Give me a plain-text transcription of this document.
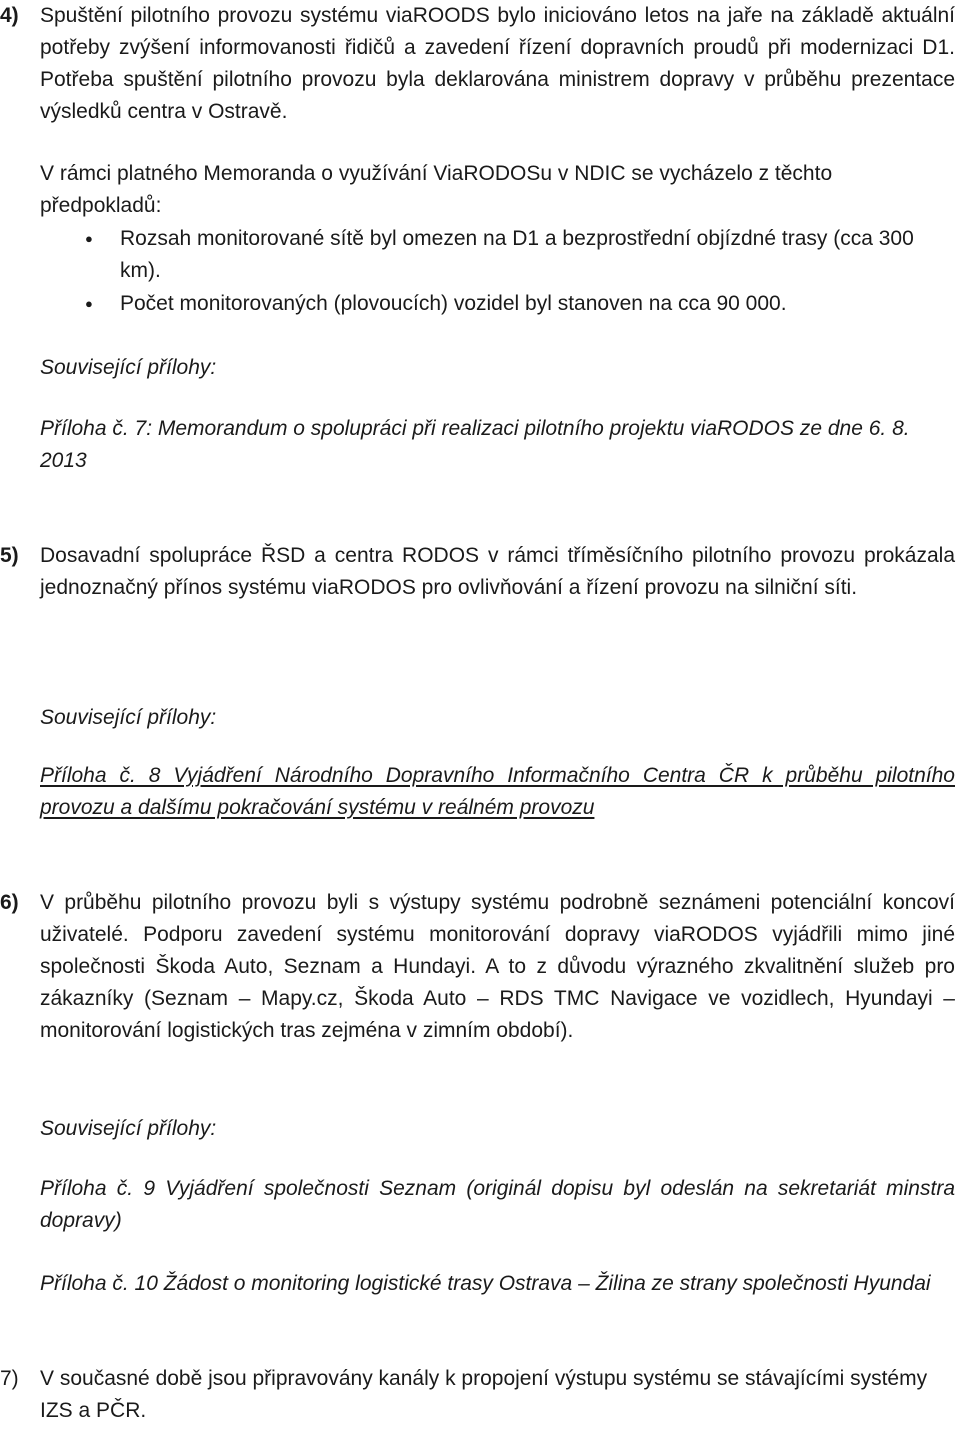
4) Spuštění pilotního provozu systému viaROODS bylo iniciováno letos na jaře na základě aktuální potřeby zvýšení informovanosti řidičů a zavedení řízení dopravních proudů při modernizaci D1. Potřeba spuštění pilotního provozu byla deklarována ministrem dopravy v průběhu prezentace výsledků centra v Ostravě.
V rámci platného Memoranda o využívání ViaRODOSu v NDIC se vycházelo z těchto předpokladů:
● Rozsah monitorované sítě byl omezen na D1 a bezprostřední objízdné trasy (cca 300 km).
● Počet monitorovaných (plovoucích) vozidel byl stanoven na cca 90 000.
Související přílohy:
Příloha č. 7: Memorandum o spolupráci při realizaci pilotního projektu viaRODOS ze dne 6. 8. 2013
5) Dosavadní spolupráce ŘSD a centra RODOS v rámci tříměsíčního pilotního provozu prokázala jednoznačný přínos systému viaRODOS pro ovlivňování a řízení provozu na silniční síti.
Související přílohy:
Příloha č. 8 Vyjádření Národního Dopravního Informačního Centra ČR k průběhu pilotního provozu a dalšímu pokračování systému v reálném provozu
6) V průběhu pilotního provozu byli s výstupy systému podrobně seznámeni potenciální koncoví uživatelé. Podporu zavedení systému monitorování dopravy viaRODOS vyjádřili mimo jiné společnosti Škoda Auto, Seznam a Hundayi. A to z důvodu výrazného zkvalitnění služeb pro zákazníky (Seznam – Mapy.cz, Škoda Auto – RDS TMC Navigace ve vozidlech, Hyundayi – monitorování logistických tras zejména v zimním období).
Související přílohy:
Příloha č. 9 Vyjádření společnosti Seznam (originál dopisu byl odeslán na sekretariát minstra dopravy)
Příloha č. 10 Žádost o monitoring logistické trasy Ostrava – Žilina ze strany společnosti Hyundai
7) V současné době jsou připravovány kanály k propojení výstupu systému se stávajícími systémy IZS a PČR.
